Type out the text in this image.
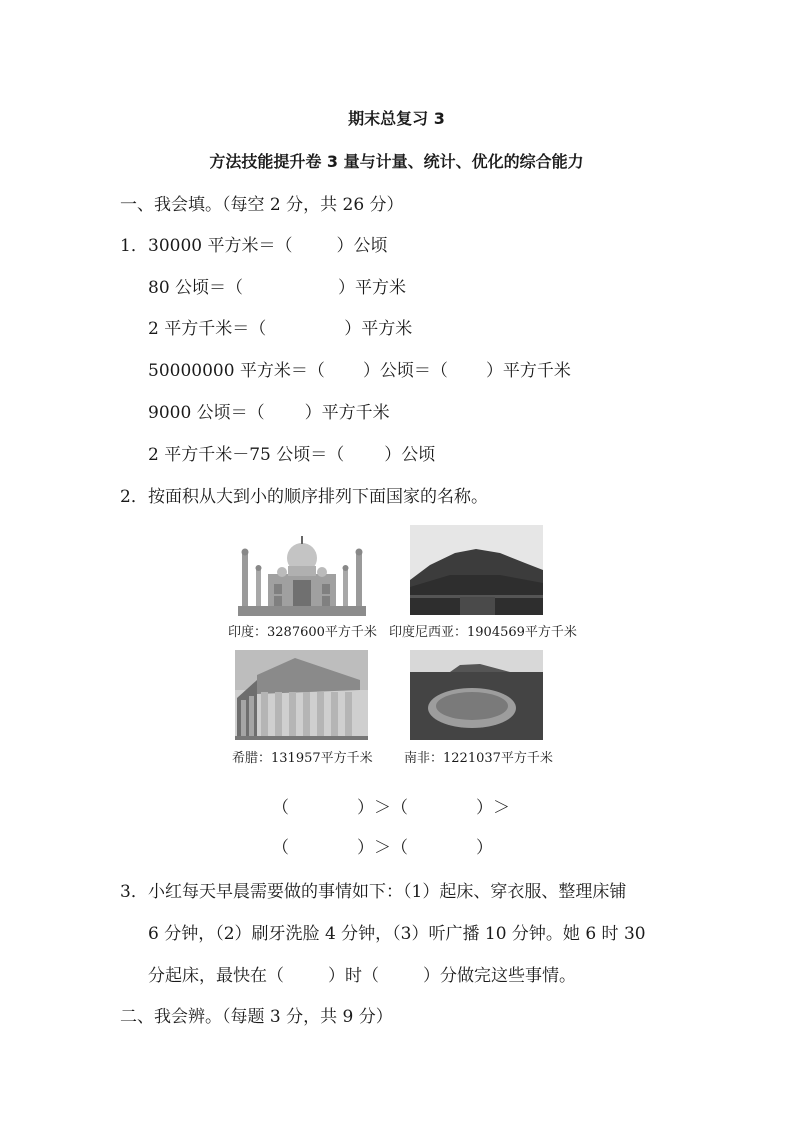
期末总复习 3
方法技能提升卷 3 量与计量、统计、优化的综合能力
一、我会填。（每空 2 分，共 26 分）
1． 30000 平方米＝（	）公顷
80 公顷＝（	）平方米
2 平方千米＝（	）平方米
50000000 平方米＝（ ）公顷＝（ ）平方千米
9000 公顷＝（ ）平方千米
2 平方千米－75 公顷＝（ ）公顷
2． 按面积从大到小的顺序排列下面国家的名称。
印度：3287600平方千米 印度尼西亚：1904569平方千米
希腊：131957平方千米 南非：1221037平方千米
（	）＞（	）＞
（	）＞（	）
3． 小红每天早晨需要做的事情如下：（1）起床、穿衣服、整理床铺
6 分钟，（2）刷牙洗脸 4 分钟，（3）听广播 10 分钟。她 6 时 30
分起床，最快在（	）时（	）分做完这些事情。
二、我会辨。（每题 3 分，共 9 分）
